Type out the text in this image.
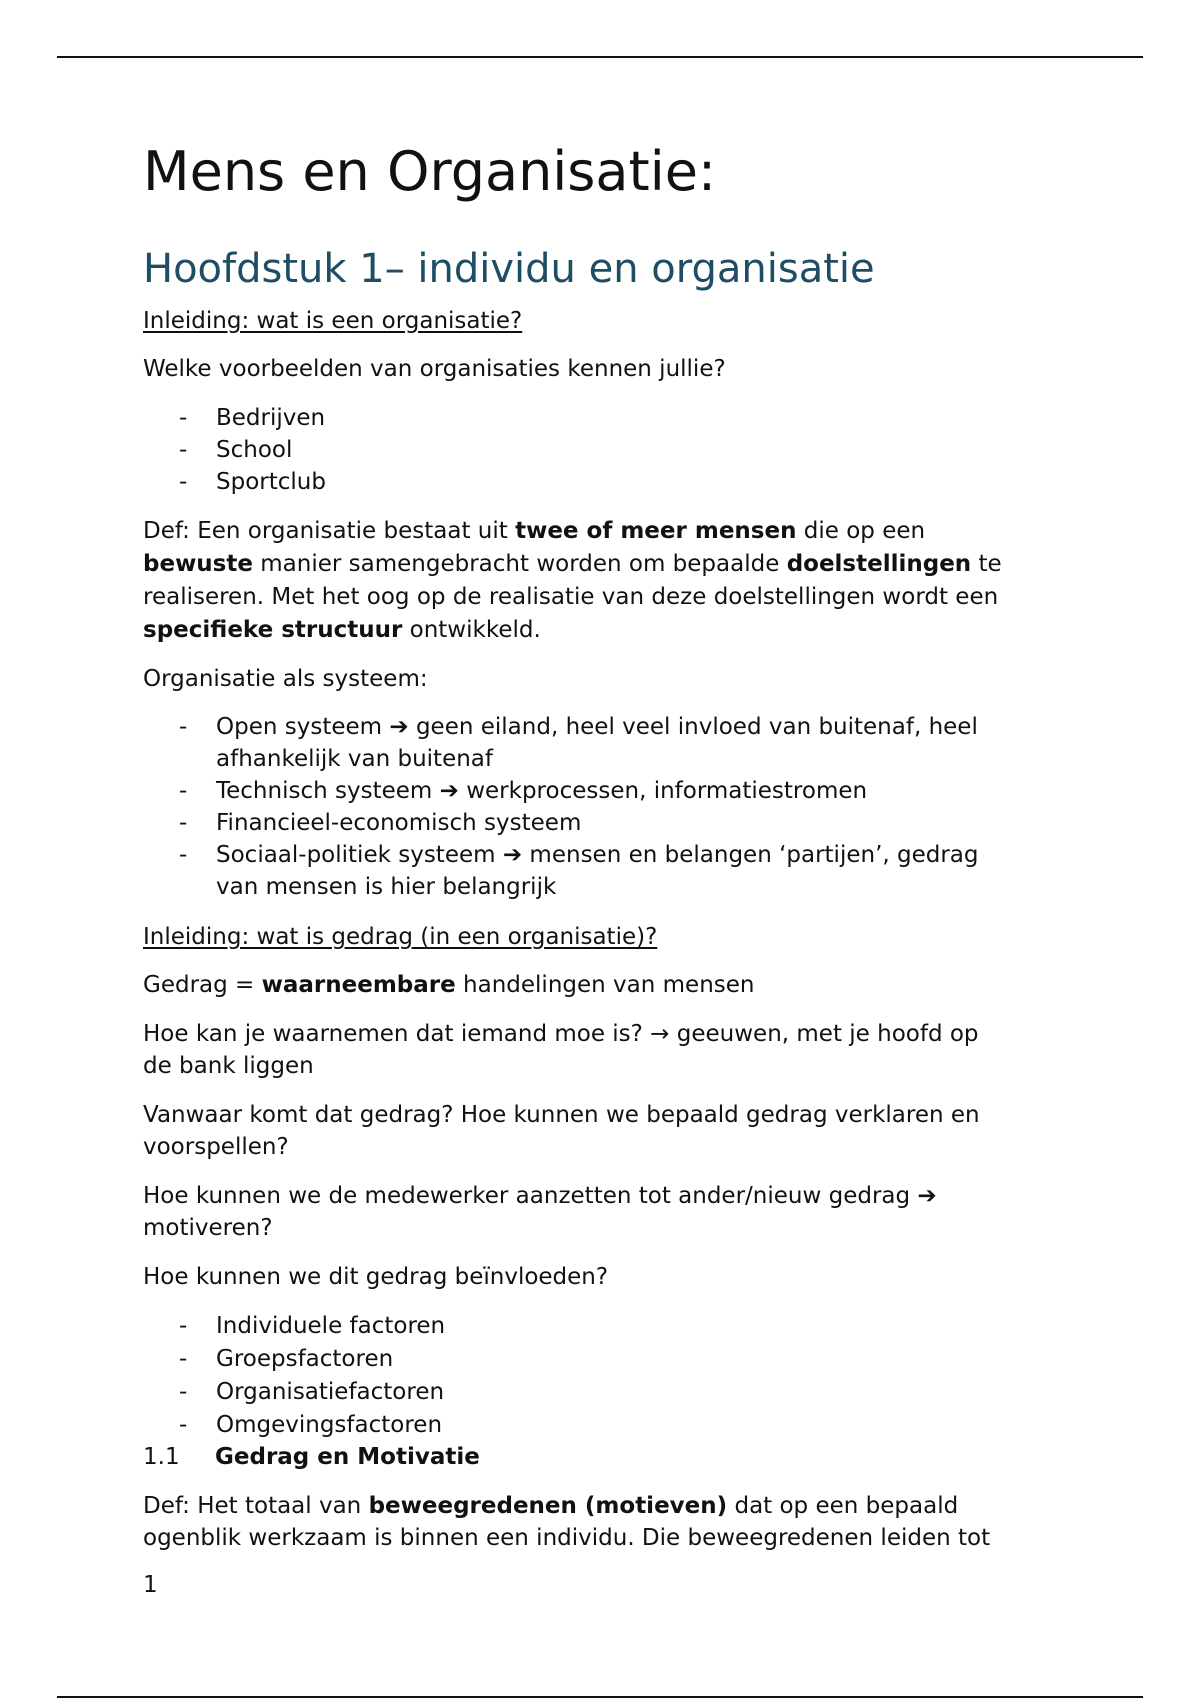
Mens en Organisatie:
Hoofdstuk 1– individu en organisatie
Inleiding: wat is een organisatie?
Welke voorbeelden van organisaties kennen jullie?
- Bedrijven
- School
- Sportclub
Def: Een organisatie bestaat uit twee of meer mensen die op een
bewuste manier samengebracht worden om bepaalde doelstellingen te
realiseren. Met het oog op de realisatie van deze doelstellingen wordt een
specifieke structuur ontwikkeld.
Organisatie als systeem:
- Open systeem ➔ geen eiland, heel veel invloed van buitenaf, heel
afhankelijk van buitenaf
- Technisch systeem ➔ werkprocessen, informatiestromen
- Financieel-economisch systeem
- Sociaal-politiek systeem ➔ mensen en belangen ‘partijen’, gedrag
van mensen is hier belangrijk
Inleiding: wat is gedrag (in een organisatie)?
Gedrag = waarneembare handelingen van mensen
Hoe kan je waarnemen dat iemand moe is? → geeuwen, met je hoofd op
de bank liggen
Vanwaar komt dat gedrag? Hoe kunnen we bepaald gedrag verklaren en
voorspellen?
Hoe kunnen we de medewerker aanzetten tot ander/nieuw gedrag ➔
motiveren?
Hoe kunnen we dit gedrag beïnvloeden?
- Individuele factoren
- Groepsfactoren
- Organisatiefactoren
- Omgevingsfactoren
1.1 Gedrag en Motivatie
Def: Het totaal van beweegredenen (motieven) dat op een bepaald
ogenblik werkzaam is binnen een individu. Die beweegredenen leiden tot
1
